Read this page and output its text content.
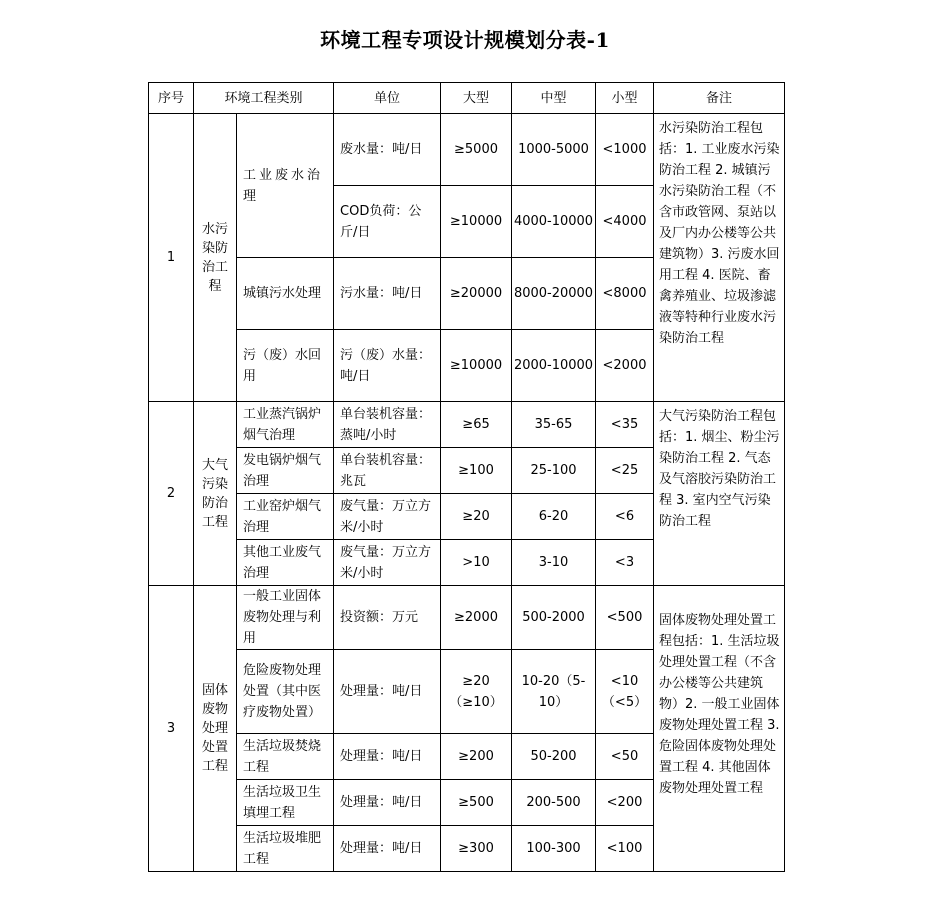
环境工程专项设计规模划分表-1
序号	环境工程类别		单位	大型	中型	小型	备注
1	水污染防治工程	工业废水治理	废水量：吨/日	≥5000	1000-5000	<1000	水污染防治工程包括：1. 工业废水污染防治工程 2. 城镇污水污染防治工程（不含市政管网、泵站以及厂内办公楼等公共建筑物）3. 污废水回用工程 4. 医院、畜禽养殖业、垃圾渗滤液等特种行业废水污染防治工程
			COD负荷：公斤/日	≥10000	4000-10000	<4000	
		城镇污水处理	污水量：吨/日	≥20000	8000-20000	<8000	
		污（废）水回用	污（废）水量：吨/日	≥10000	2000-10000	<2000	
2	大气污染防治工程	工业蒸汽锅炉烟气治理	单台装机容量：蒸吨/小时	≥65	35-65	<35	大气污染防治工程包括：1. 烟尘、粉尘污染防治工程 2. 气态及气溶胶污染防治工程 3. 室内空气污染防治工程
		发电锅炉烟气治理	单台装机容量：兆瓦	≥100	25-100	<25	
		工业窑炉烟气治理	废气量：万立方米/小时	≥20	6-20	<6	
		其他工业废气治理	废气量：万立方米/小时	>10	3-10	<3	
3	固体废物处理处置工程	一般工业固体废物处理与利用	投资额：万元	≥2000	500-2000	<500	固体废物处理处置工程包括：1. 生活垃圾处理处置工程（不含办公楼等公共建筑物）2. 一般工业固体废物处理处置工程 3. 危险固体废物处理处置工程 4. 其他固体废物处理处置工程
		危险废物处理处置（其中医疗废物处置）	处理量：吨/日	≥20（≥10）	10-20（5-10）	<10（<5）	
		生活垃圾焚烧工程	处理量：吨/日	≥200	50-200	<50	
		生活垃圾卫生填埋工程	处理量：吨/日	≥500	200-500	<200	
		生活垃圾堆肥工程	处理量：吨/日	≥300	100-300	<100	
